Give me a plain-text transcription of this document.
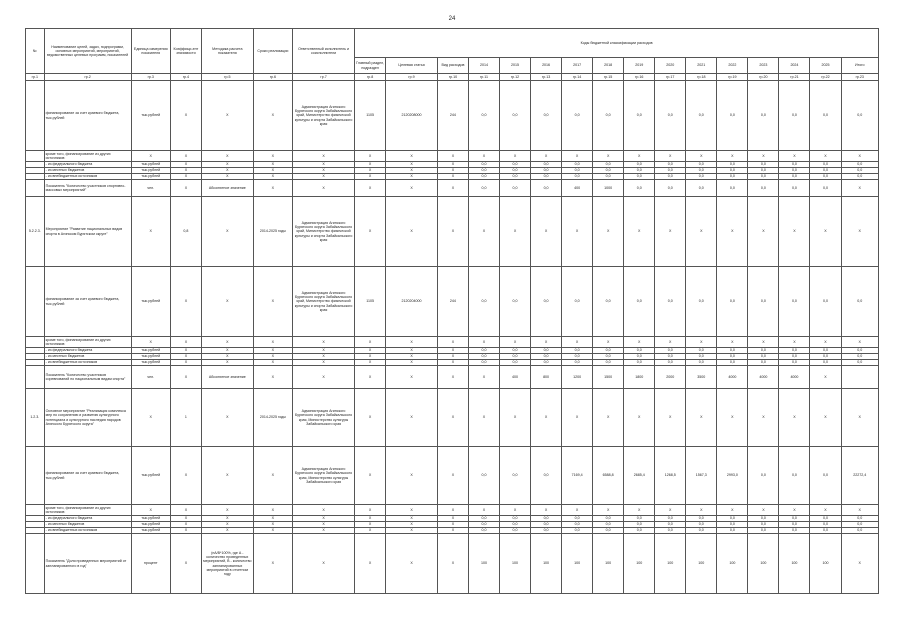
24
№	Наименование целей, задач, подпрограмм, основных мероприятий, мероприятий, ведомственных целевых программ, показателей	Единица измерения показателя	Коэффици-ент значимости	Методика расчета показателя	Сроки реализации	Ответственный исполнитель и соисполнители	Коды бюджетной классификации расходов															
							Главный раздел, подраздел	Целевая статья	Вид расходов	2014	2015	2016	2017	2018	2019	2020	2021	2022	2023	2024	2025	Итого
гр.1	гр.2	гр.3	гр.4	гр.5	гр.6	гр.7	гр.8	гр.9	гр.10	гр.11	гр.12	гр.13	гр.14	гр.15	гр.16	гр.17	гр.18	гр.19	гр.20	гр.21	гр.22	гр.23
	финансирование за счет краевого бюджета, тыс.рублей	тыс.рублей	X	X	X	Администрация Агинского Бурятского округа Забайкальского край, Министерство физической культуры и спорта Забайкальского края	1105	2120208000	244	0,0	0,0	0,0	0,0	0,0	0,0	0,0	0,0	0,0	0,0	0,0	0,0	0,0
	кроме того, финансирование из других источников:	X	X	X	X	X	X	X	X	X	X	X	X	X	X	X	X	X	X	X	X	X
	- из федерального бюджета	тыс.рублей	X	X	X	X	X	X	X	0,0	0,0	0,0	0,0	0,0	0,0	0,0	0,0	0,0	0,0	0,0	0,0	0,0
	- из местных бюджетов	тыс.рублей	X	X	X	X	X	X	X	0,0	0,0	0,0	0,0	0,0	0,0	0,0	0,0	0,0	0,0	0,0	0,0	0,0
	- из внебюджетных источников	тыс.рублей	X	X	X	X	X	X	X	0,0	0,0	0,0	0,0	0,0	0,0	0,0	0,0	0,0	0,0	0,0	0,0	0,0
	Показатель "Количество участников спортивно-массовых мероприятий"	чел.	X	Абсолютное значение	X	X	X	X	X	0,0	0,0	0,0	400	1000	0,0	0,0	0,0	0,0	0,0	0,0	0,0	X
5.2.2.3.	Мероприятие "Развитие национальных видов спорта в Агинском Бурятском округе"	X	0,8	X	2014-2025 годы	Администрация Агинского Бурятского округа Забайкальского край, Министерство физической культуры и спорта Забайкальского края	X	X	X	X	X	X	X	X	X	X	X	X	X	X	X	X
	финансирование за счет краевого бюджета, тыс.рублей	тыс.рублей	X	X	X	Администрация Агинского Бурятского округа Забайкальского край, Министерство физической культуры и спорта Забайкальского края	1105	2120204000	244	0,0	0,0	0,0	0,0	0,0	0,0	0,0	0,0	0,0	0,0	0,0	0,0	0,0
	кроме того, финансирование из других источников:	X	X	X	X	X	X	X	X	X	X	X	X	X	X	X	X	X	X	X	X	X
	- из федерального бюджета	тыс.рублей	X	X	X	X	X	X	X	0,0	0,0	0,0	0,0	0,0	0,0	0,0	0,0	0,0	0,0	0,0	0,0	0,0
	- из местных бюджетов	тыс.рублей	X	X	X	X	X	X	X	0,0	0,0	0,0	0,0	0,0	0,0	0,0	0,0	0,0	0,0	0,0	0,0	0,0
	- из внебюджетных источников	тыс.рублей	X	X	X	X	X	X	X	0,0	0,0	0,0	0,0	0,0	0,0	0,0	0,0	0,0	0,0	0,0	0,0	0,0
	Показатель "Количество участников соревнований по национальным видам спорта"	чел.	X	Абсолютное значение	X	X	X	X	X	X	400	800	1200	1500	1800	2000	3500	4000	4000	4000	X	
1.2.3.	Основное мероприятие "Реализация комплекса мер по сохранению и развитию культурного потенциала и культурного наследия народов Агинского Бурятского округа"	X	1	X	2014-2025 годы	Администрация Агинского Бурятского округа Забайкальского края, Министерство культуры Забайкальского края	X	X	X	X	X	X	X	X	X	X	X	X	X	X	X	X
	финансирование за счет краевого бюджета, тыс.рублей	тыс.рублей	X	X	X	Администрация Агинского Бурятского округа Забайкальского края, Министерство культуры Забайкальского края	X	X	X	0,0	0,0	0,0	7169,4	6588,8	2685,4	1268,5	1567,3	2993,0	0,0	0,0	0,0	22272,4
	кроме того, финансирование из других источников:	X	X	X	X	X	X	X	X	X	X	X	X	X	X	X	X	X	X	X	X	X
	- из федерального бюджета	тыс.рублей	X	X	X	X	X	X	X	0,0	0,0	0,0	0,0	0,0	0,0	0,0	0,0	0,0	0,0	0,0	0,0	0,0
	- из местных бюджетов	тыс.рублей	X	X	X	X	X	X	X	0,0	0,0	0,0	0,0	0,0	0,0	0,0	0,0	0,0	0,0	0,0	0,0	0,0
	- из внебюджетных источников	тыс.рублей	X	X	X	X	X	X	X	0,0	0,0	0,0	0,0	0,0	0,0	0,0	0,0	0,0	0,0	0,0	0,0	0,0
	Показатель "Доля проведенных мероприятий от запланированного в год"	процент	X	(пА/В*100%, где А - количество проведенных мероприятий, В - количество запланированных мероприятий в отчетном году	X	X	X	X	X	100	100	100	100	100	100	100	100	100	100	100	100	X
